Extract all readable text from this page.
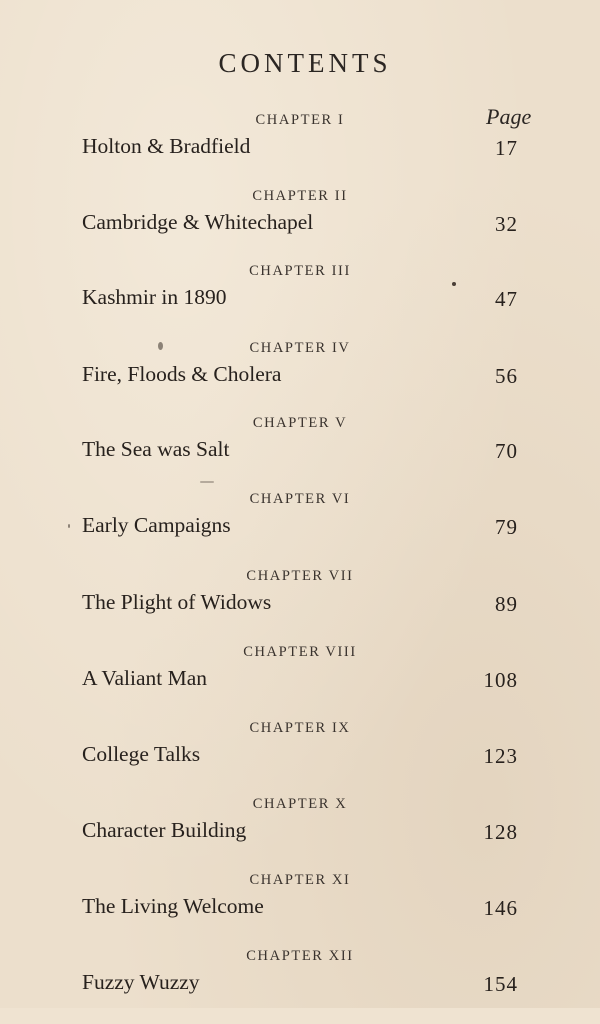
CONTENTS
Page
CHAPTER I
Holton & Bradfield	17
CHAPTER II
Cambridge & Whitechapel	32
CHAPTER III
Kashmir in 1890	47
CHAPTER IV
Fire, Floods & Cholera	56
CHAPTER V
The Sea was Salt	70
CHAPTER VI
Early Campaigns	79
CHAPTER VII
The Plight of Widows	89
CHAPTER VIII
A Valiant Man	108
CHAPTER IX
College Talks	123
CHAPTER X
Character Building	128
CHAPTER XI
The Living Welcome	146
CHAPTER XII
Fuzzy Wuzzy	154
